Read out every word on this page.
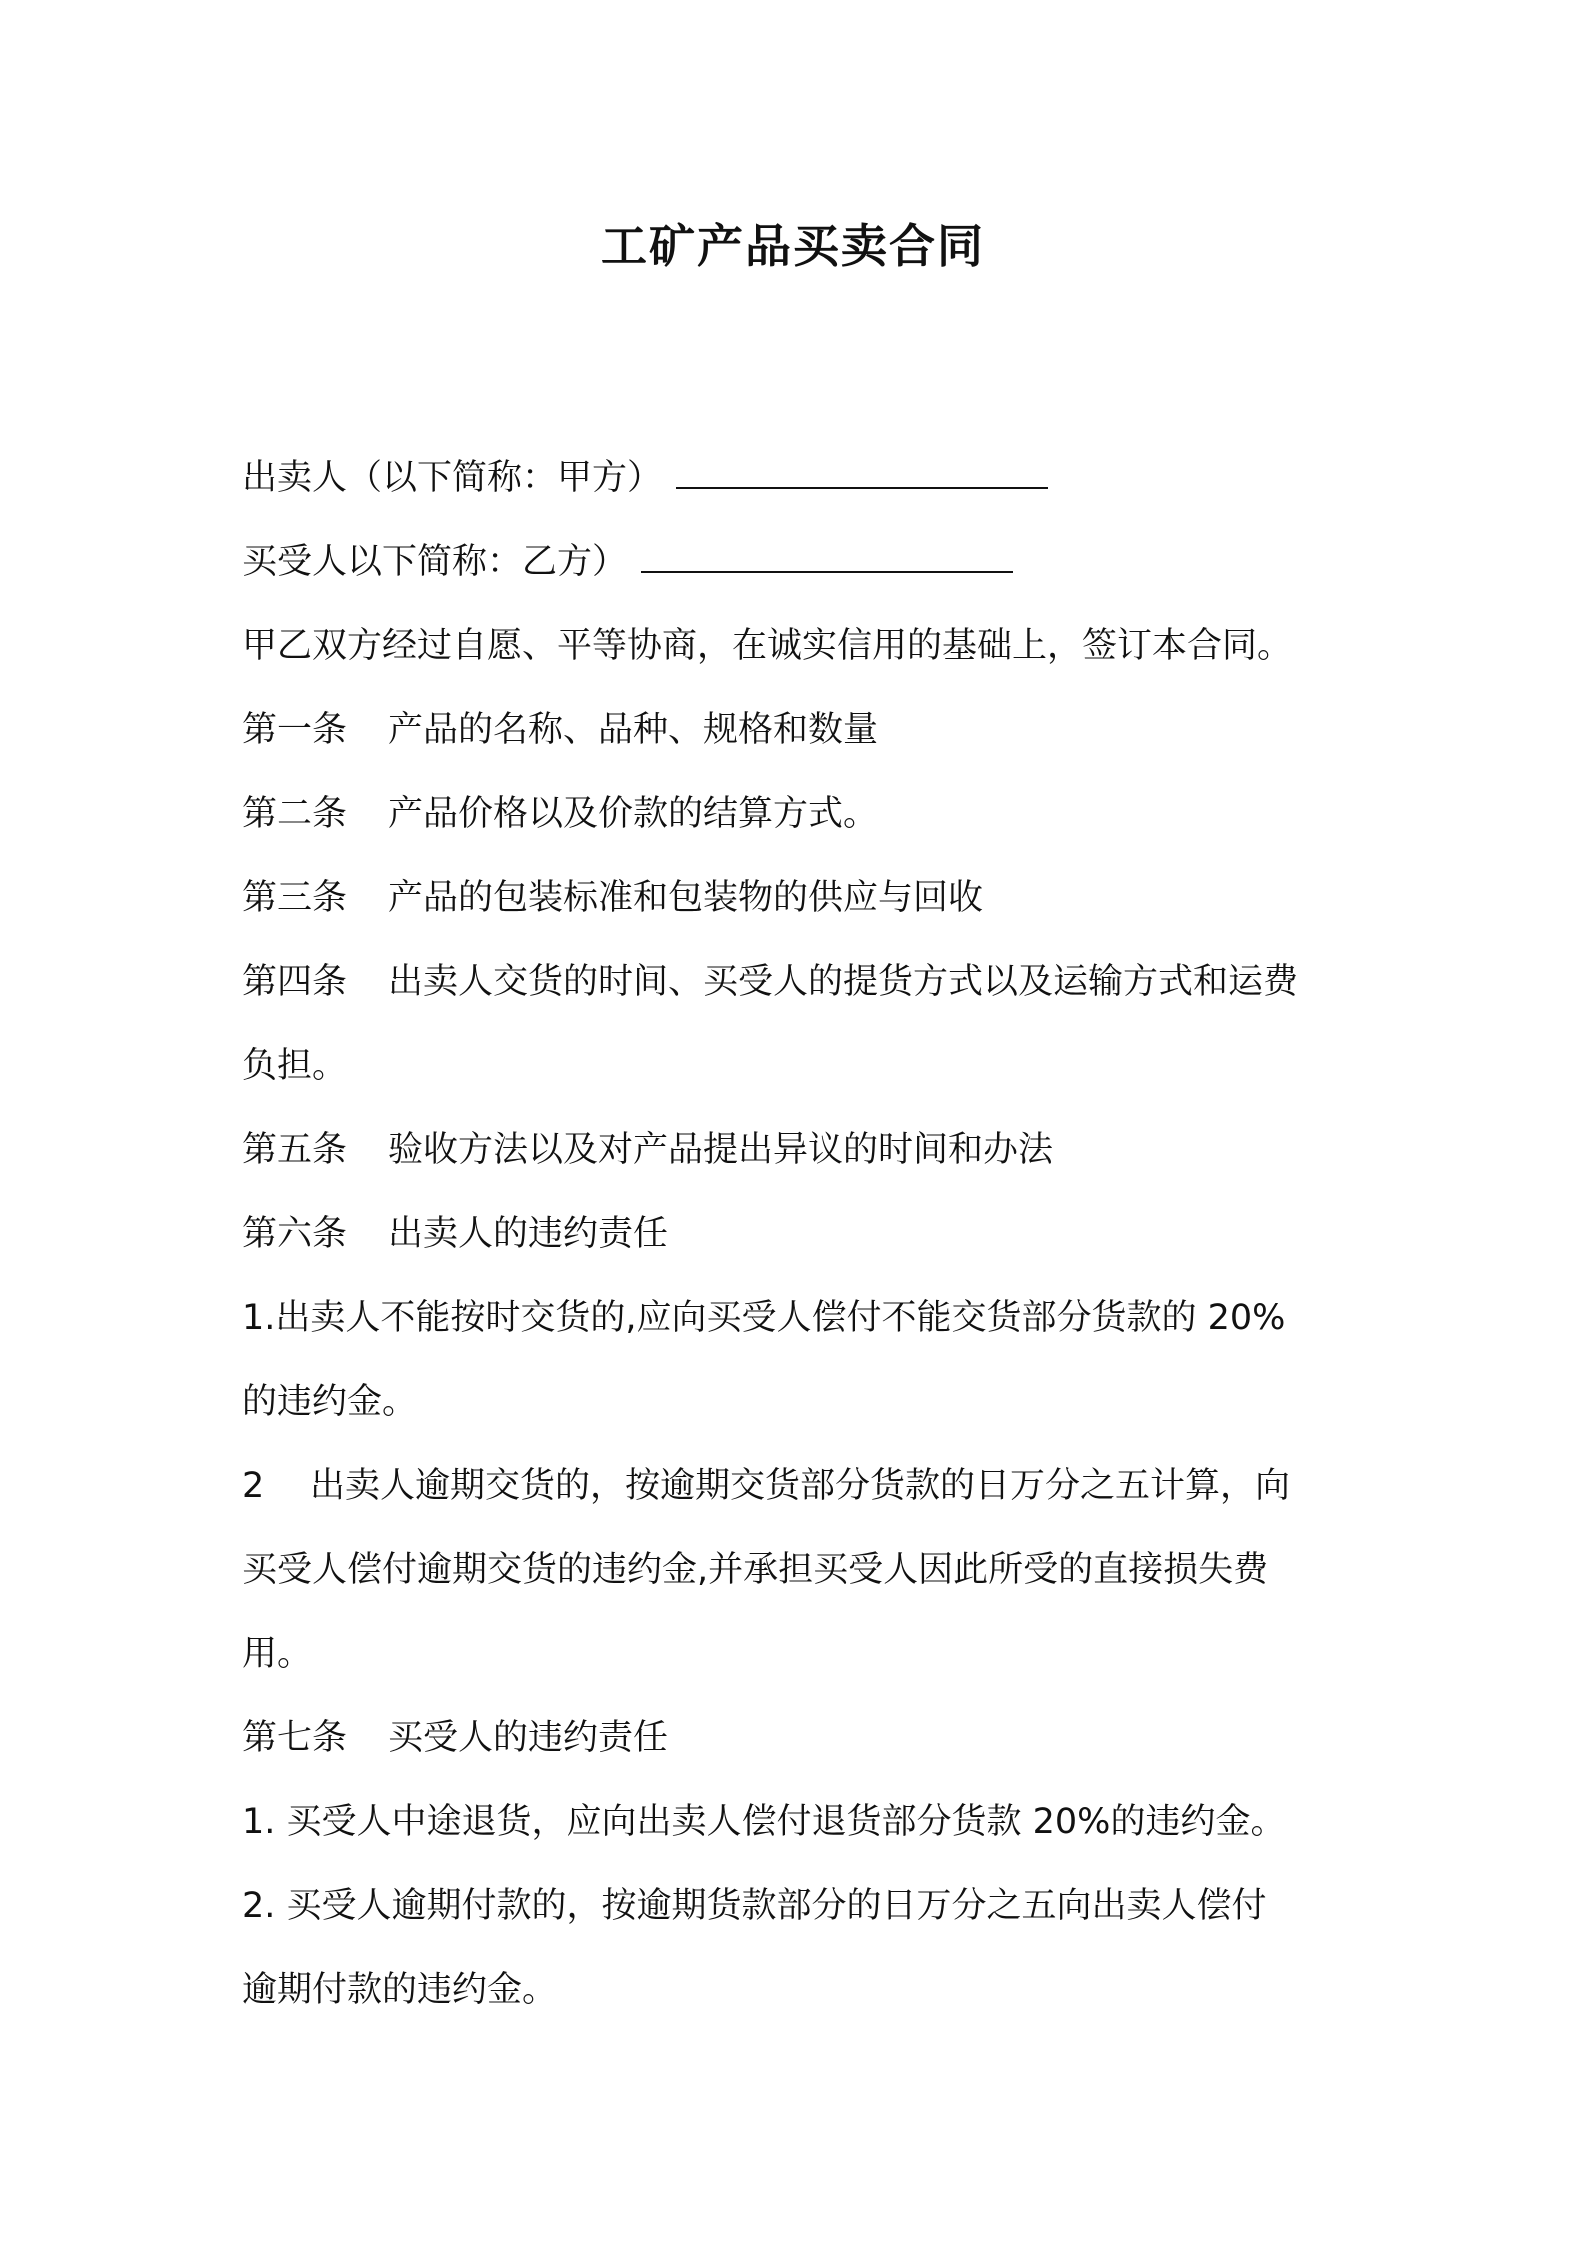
工矿产品买卖合同
出卖人（以下简称：甲方）
买受人以下简称：乙方）
甲乙双方经过自愿、平等协商，在诚实信用的基础上，签订本合同。
第一条 产品的名称、品种、规格和数量
第二条 产品价格以及价款的结算方式。
第三条 产品的包装标准和包装物的供应与回收
第四条 出卖人交货的时间、买受人的提货方式以及运输方式和运费
负担。
第五条 验收方法以及对产品提出异议的时间和办法
第六条 出卖人的违约责任
1.出卖人不能按时交货的,应向买受人偿付不能交货部分货款的 20%
的违约金。
2 出卖人逾期交货的，按逾期交货部分货款的日万分之五计算，向
买受人偿付逾期交货的违约金,并承担买受人因此所受的直接损失费
用。
第七条 买受人的违约责任
1. 买受人中途退货，应向出卖人偿付退货部分货款 20%的违约金。
2. 买受人逾期付款的，按逾期货款部分的日万分之五向出卖人偿付
逾期付款的违约金。
